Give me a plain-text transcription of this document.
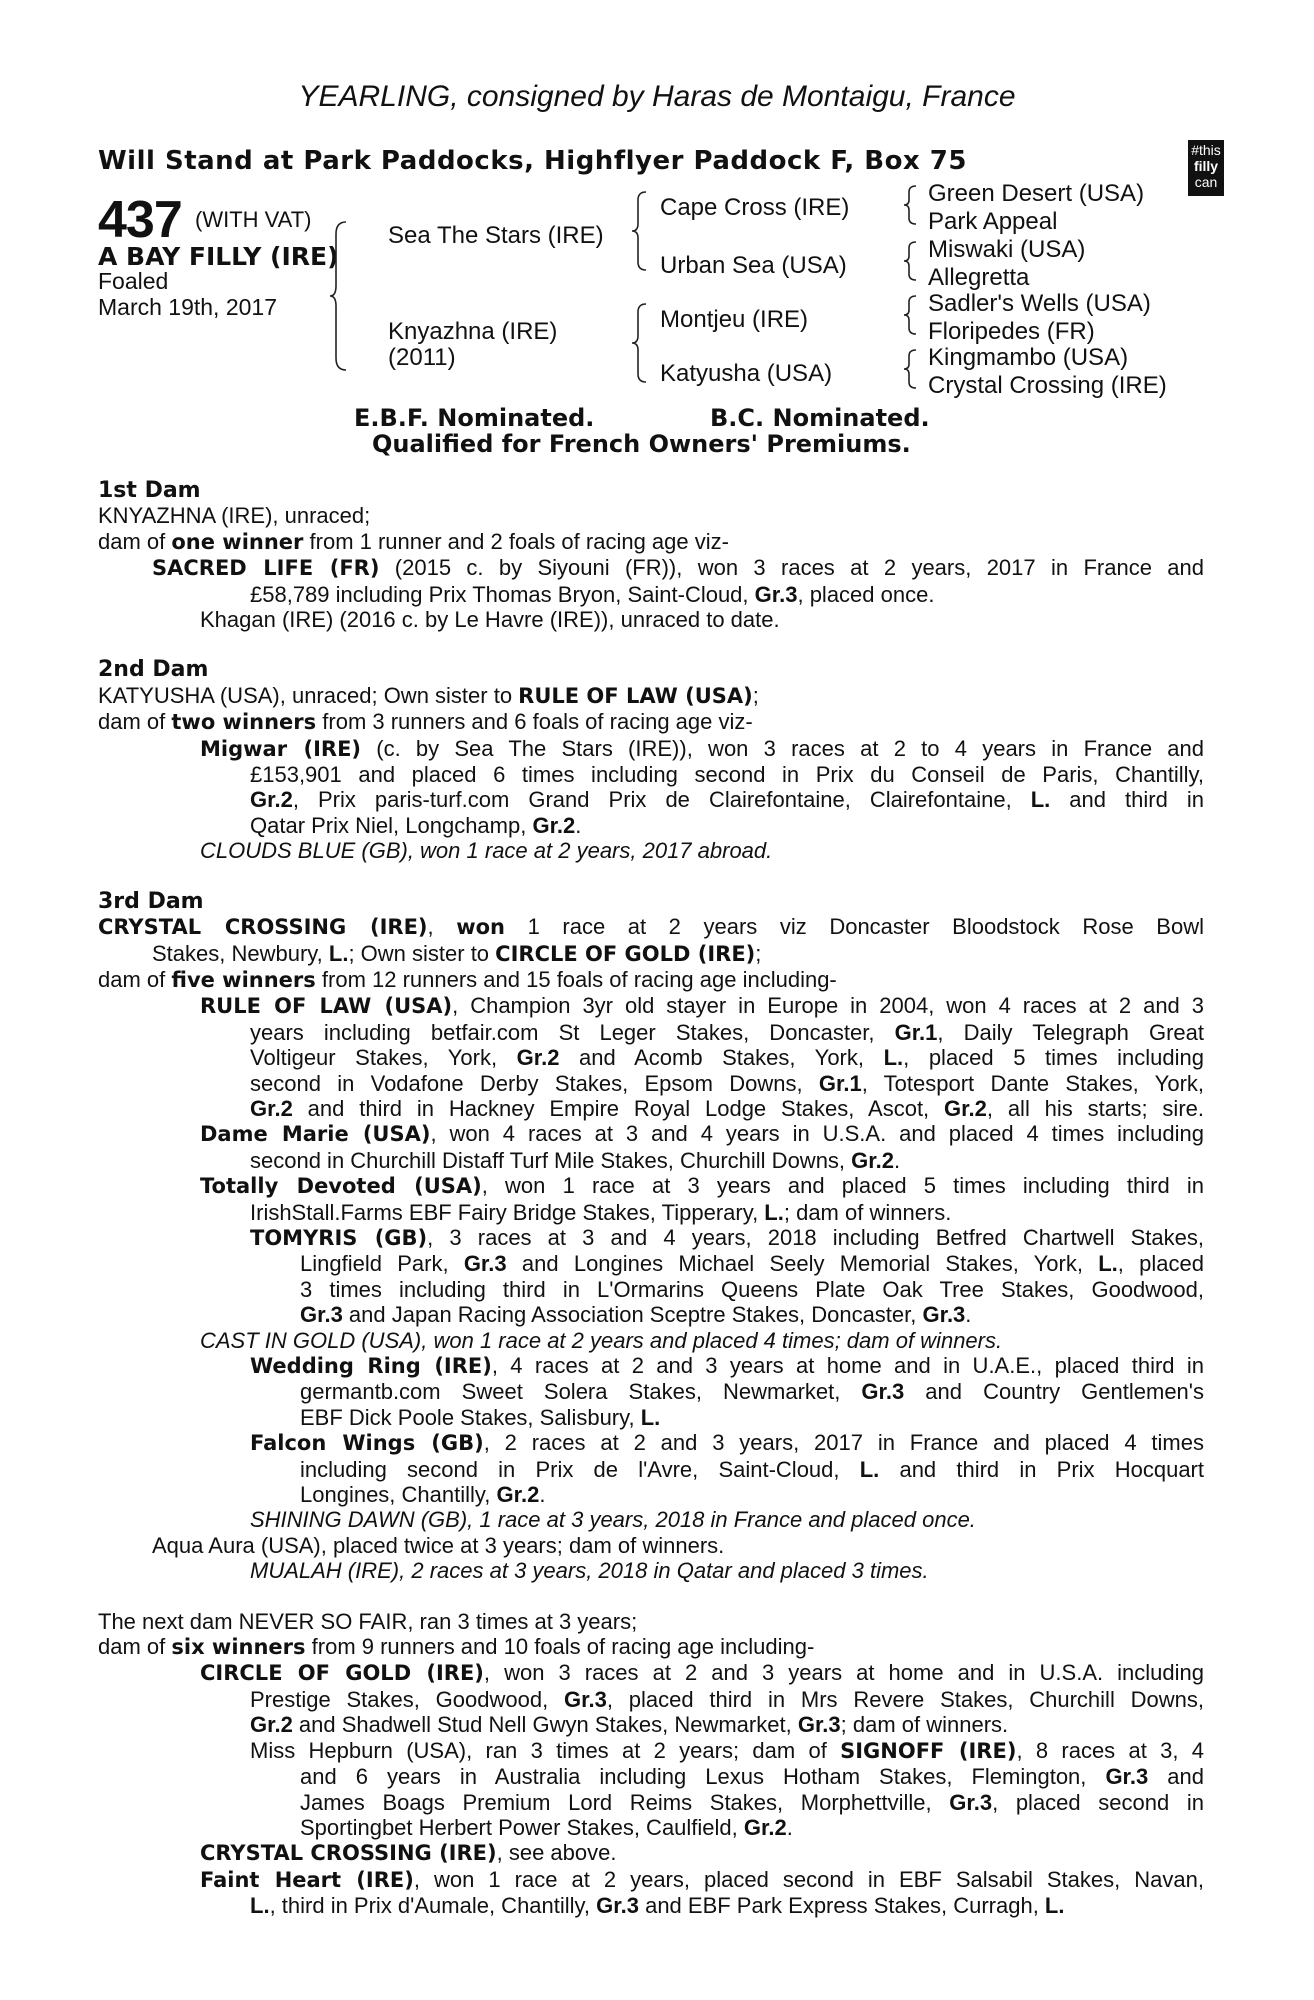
YEARLING, consigned by Haras de Montaigu, France
Will Stand at Park Paddocks, Highflyer Paddock F, Box 75	#this
filly
can
437 (WITH VAT)
A BAY FILLY (IRE)
Foaled
March 19th, 2017
Sea The Stars (IRE)
Knyazhna (IRE)
(2011)
Cape Cross (IRE)
Urban Sea (USA)
Montjeu (IRE)
Katyusha (USA)
Green Desert (USA)
Park Appeal
Miswaki (USA)
Allegretta
Sadler's Wells (USA)
Floripedes (FR)
Kingmambo (USA)
Crystal Crossing (IRE)
E.B.F. Nominated.	B.C. Nominated.
Qualified for French Owners' Premiums.

1st Dam

KNYAZHNA (IRE), unraced;

dam of one winner from 1 runner and 2 foals of racing age viz-

SACRED LIFE (FR) (2015 c. by Siyouni (FR)), won 3 races at 2 years, 2017 in France and

£58,789 including Prix Thomas Bryon, Saint-Cloud, Gr.3, placed once.

Khagan (IRE) (2016 c. by Le Havre (IRE)), unraced to date.

2nd Dam

KATYUSHA (USA), unraced; Own sister to RULE OF LAW (USA);

dam of two winners from 3 runners and 6 foals of racing age viz-

Migwar (IRE) (c. by Sea The Stars (IRE)), won 3 races at 2 to 4 years in France and

£153,901 and placed 6 times including second in Prix du Conseil de Paris, Chantilly,

Gr.2, Prix paris-turf.com Grand Prix de Clairefontaine, Clairefontaine, L. and third in

Qatar Prix Niel, Longchamp, Gr.2.

CLOUDS BLUE (GB), won 1 race at 2 years, 2017 abroad.

3rd Dam

CRYSTAL CROSSING (IRE), won 1 race at 2 years viz Doncaster Bloodstock Rose Bowl

Stakes, Newbury, L.; Own sister to CIRCLE OF GOLD (IRE);

dam of five winners from 12 runners and 15 foals of racing age including-

RULE OF LAW (USA), Champion 3yr old stayer in Europe in 2004, won 4 races at 2 and 3

years including betfair.com St Leger Stakes, Doncaster, Gr.1, Daily Telegraph Great

Voltigeur Stakes, York, Gr.2 and Acomb Stakes, York, L., placed 5 times including

second in Vodafone Derby Stakes, Epsom Downs, Gr.1, Totesport Dante Stakes, York,

Gr.2 and third in Hackney Empire Royal Lodge Stakes, Ascot, Gr.2, all his starts; sire.

Dame Marie (USA), won 4 races at 3 and 4 years in U.S.A. and placed 4 times including

second in Churchill Distaff Turf Mile Stakes, Churchill Downs, Gr.2.

Totally Devoted (USA), won 1 race at 3 years and placed 5 times including third in

IrishStall.Farms EBF Fairy Bridge Stakes, Tipperary, L.; dam of winners.

TOMYRIS (GB), 3 races at 3 and 4 years, 2018 including Betfred Chartwell Stakes,

Lingfield Park, Gr.3 and Longines Michael Seely Memorial Stakes, York, L., placed

3 times including third in L'Ormarins Queens Plate Oak Tree Stakes, Goodwood,

Gr.3 and Japan Racing Association Sceptre Stakes, Doncaster, Gr.3.

CAST IN GOLD (USA), won 1 race at 2 years and placed 4 times; dam of winners.

Wedding Ring (IRE), 4 races at 2 and 3 years at home and in U.A.E., placed third in

germantb.com Sweet Solera Stakes, Newmarket, Gr.3 and Country Gentlemen's

EBF Dick Poole Stakes, Salisbury, L.

Falcon Wings (GB), 2 races at 2 and 3 years, 2017 in France and placed 4 times

including second in Prix de l'Avre, Saint-Cloud, L. and third in Prix Hocquart

Longines, Chantilly, Gr.2.

SHINING DAWN (GB), 1 race at 3 years, 2018 in France and placed once.

Aqua Aura (USA), placed twice at 3 years; dam of winners.

MUALAH (IRE), 2 races at 3 years, 2018 in Qatar and placed 3 times.

The next dam NEVER SO FAIR, ran 3 times at 3 years;

dam of six winners from 9 runners and 10 foals of racing age including-

CIRCLE OF GOLD (IRE), won 3 races at 2 and 3 years at home and in U.S.A. including

Prestige Stakes, Goodwood, Gr.3, placed third in Mrs Revere Stakes, Churchill Downs,

Gr.2 and Shadwell Stud Nell Gwyn Stakes, Newmarket, Gr.3; dam of winners.

Miss Hepburn (USA), ran 3 times at 2 years; dam of SIGNOFF (IRE), 8 races at 3, 4

and 6 years in Australia including Lexus Hotham Stakes, Flemington, Gr.3 and

James Boags Premium Lord Reims Stakes, Morphettville, Gr.3, placed second in

Sportingbet Herbert Power Stakes, Caulfield, Gr.2.

CRYSTAL CROSSING (IRE), see above.

Faint Heart (IRE), won 1 race at 2 years, placed second in EBF Salsabil Stakes, Navan,

L., third in Prix d'Aumale, Chantilly, Gr.3 and EBF Park Express Stakes, Curragh, L.
